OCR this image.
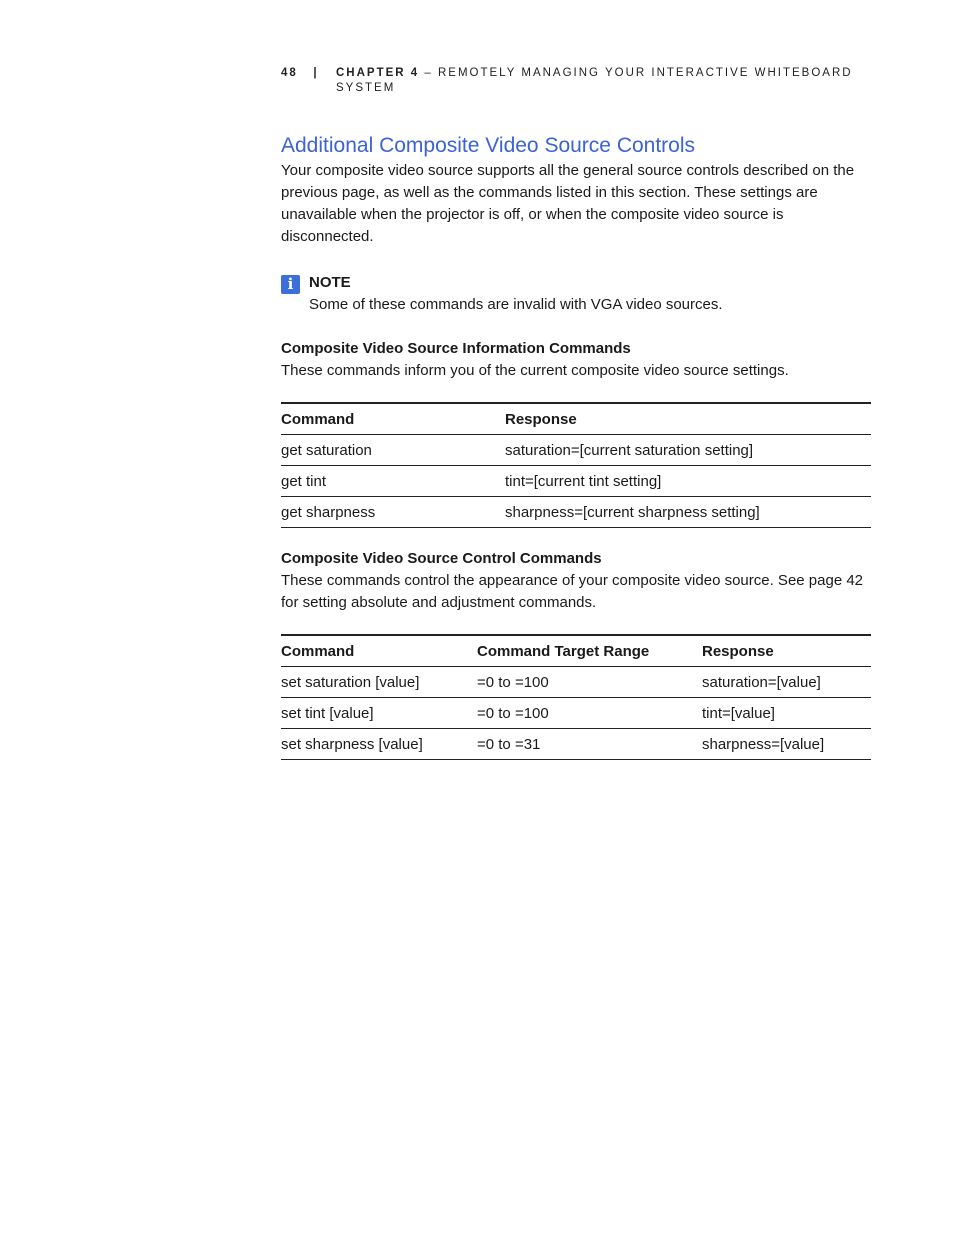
48 | CHAPTER 4 – REMOTELY MANAGING YOUR INTERACTIVE WHITEBOARD
SYSTEM
Additional Composite Video Source Controls

Your composite video source supports all the general source controls described on the previous page, as well as the commands listed in this section. These settings are unavailable when the projector is off, or when the composite video source is disconnected.

i	NOTE

Some of these commands are invalid with VGA video sources.

Composite Video Source Information Commands

These commands inform you of the current composite video source settings.

Command	Response
get saturation	saturation=[current saturation setting]
get tint	tint=[current tint setting]
get sharpness	sharpness=[current sharpness setting]
Composite Video Source Control Commands

These commands control the appearance of your composite video source. See page 42 for setting absolute and adjustment commands.

Command	Command Target Range	Response
set saturation [value]	=0 to =100	saturation=[value]
set tint [value]	=0 to =100	tint=[value]
set sharpness [value]	=0 to =31	sharpness=[value]
